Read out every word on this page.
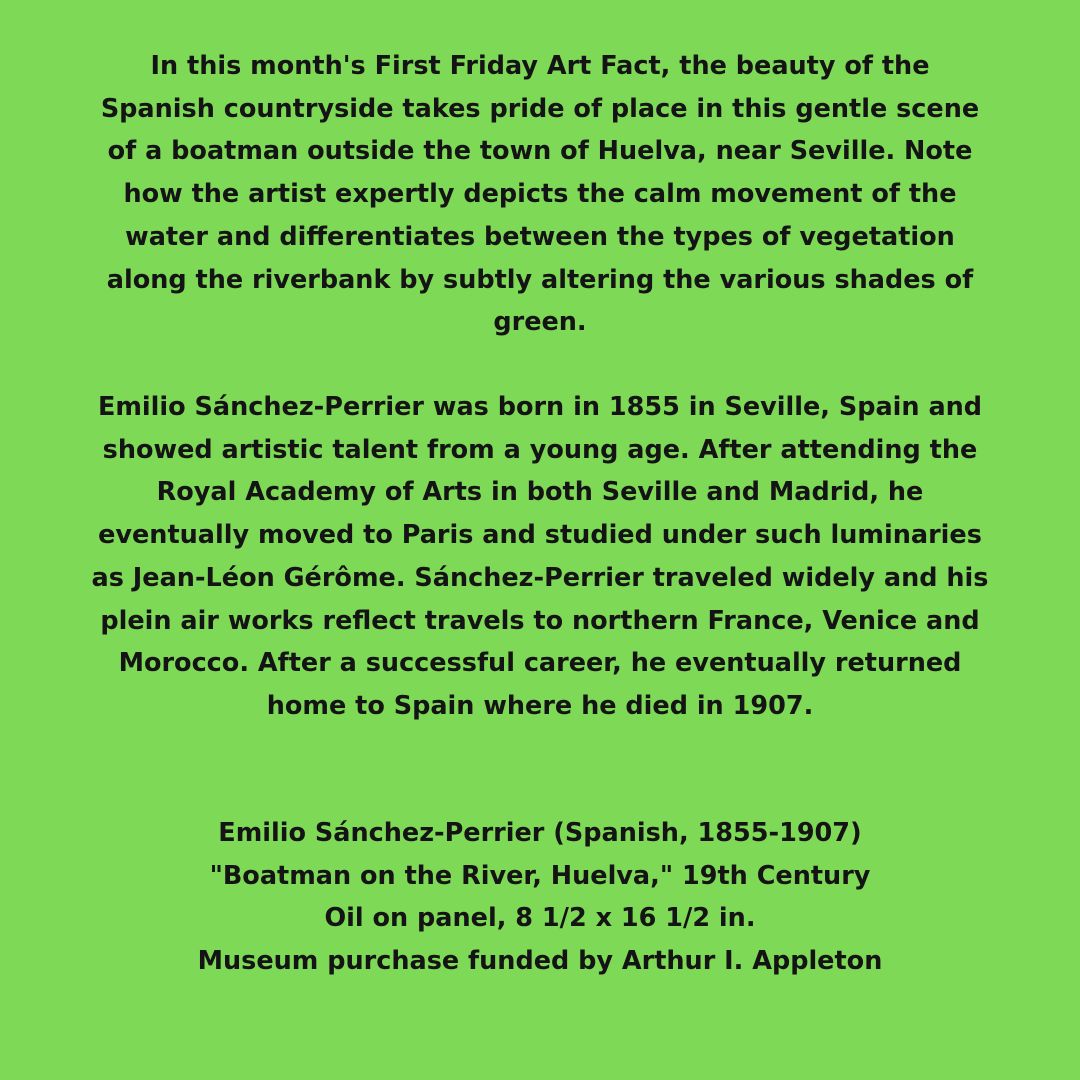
In this month's First Friday Art Fact, the beauty of the Spanish countryside takes pride of place in this gentle scene of a boatman outside the town of Huelva, near Seville. Note how the artist expertly depicts the calm movement of the water and differentiates between the types of vegetation along the riverbank by subtly altering the various shades of green.

Emilio Sánchez-Perrier was born in 1855 in Seville, Spain and showed artistic talent from a young age. After attending the Royal Academy of Arts in both Seville and Madrid, he eventually moved to Paris and studied under such luminaries as Jean-Léon Gérôme. Sánchez-Perrier traveled widely and his plein air works reflect travels to northern France, Venice and Morocco. After a successful career, he eventually returned home to Spain where he died in 1907.

Emilio Sánchez-Perrier (Spanish, 1855-1907)
"Boatman on the River, Huelva," 19th Century
Oil on panel, 8 1/2 x 16 1/2 in.
Museum purchase funded by Arthur I. Appleton
